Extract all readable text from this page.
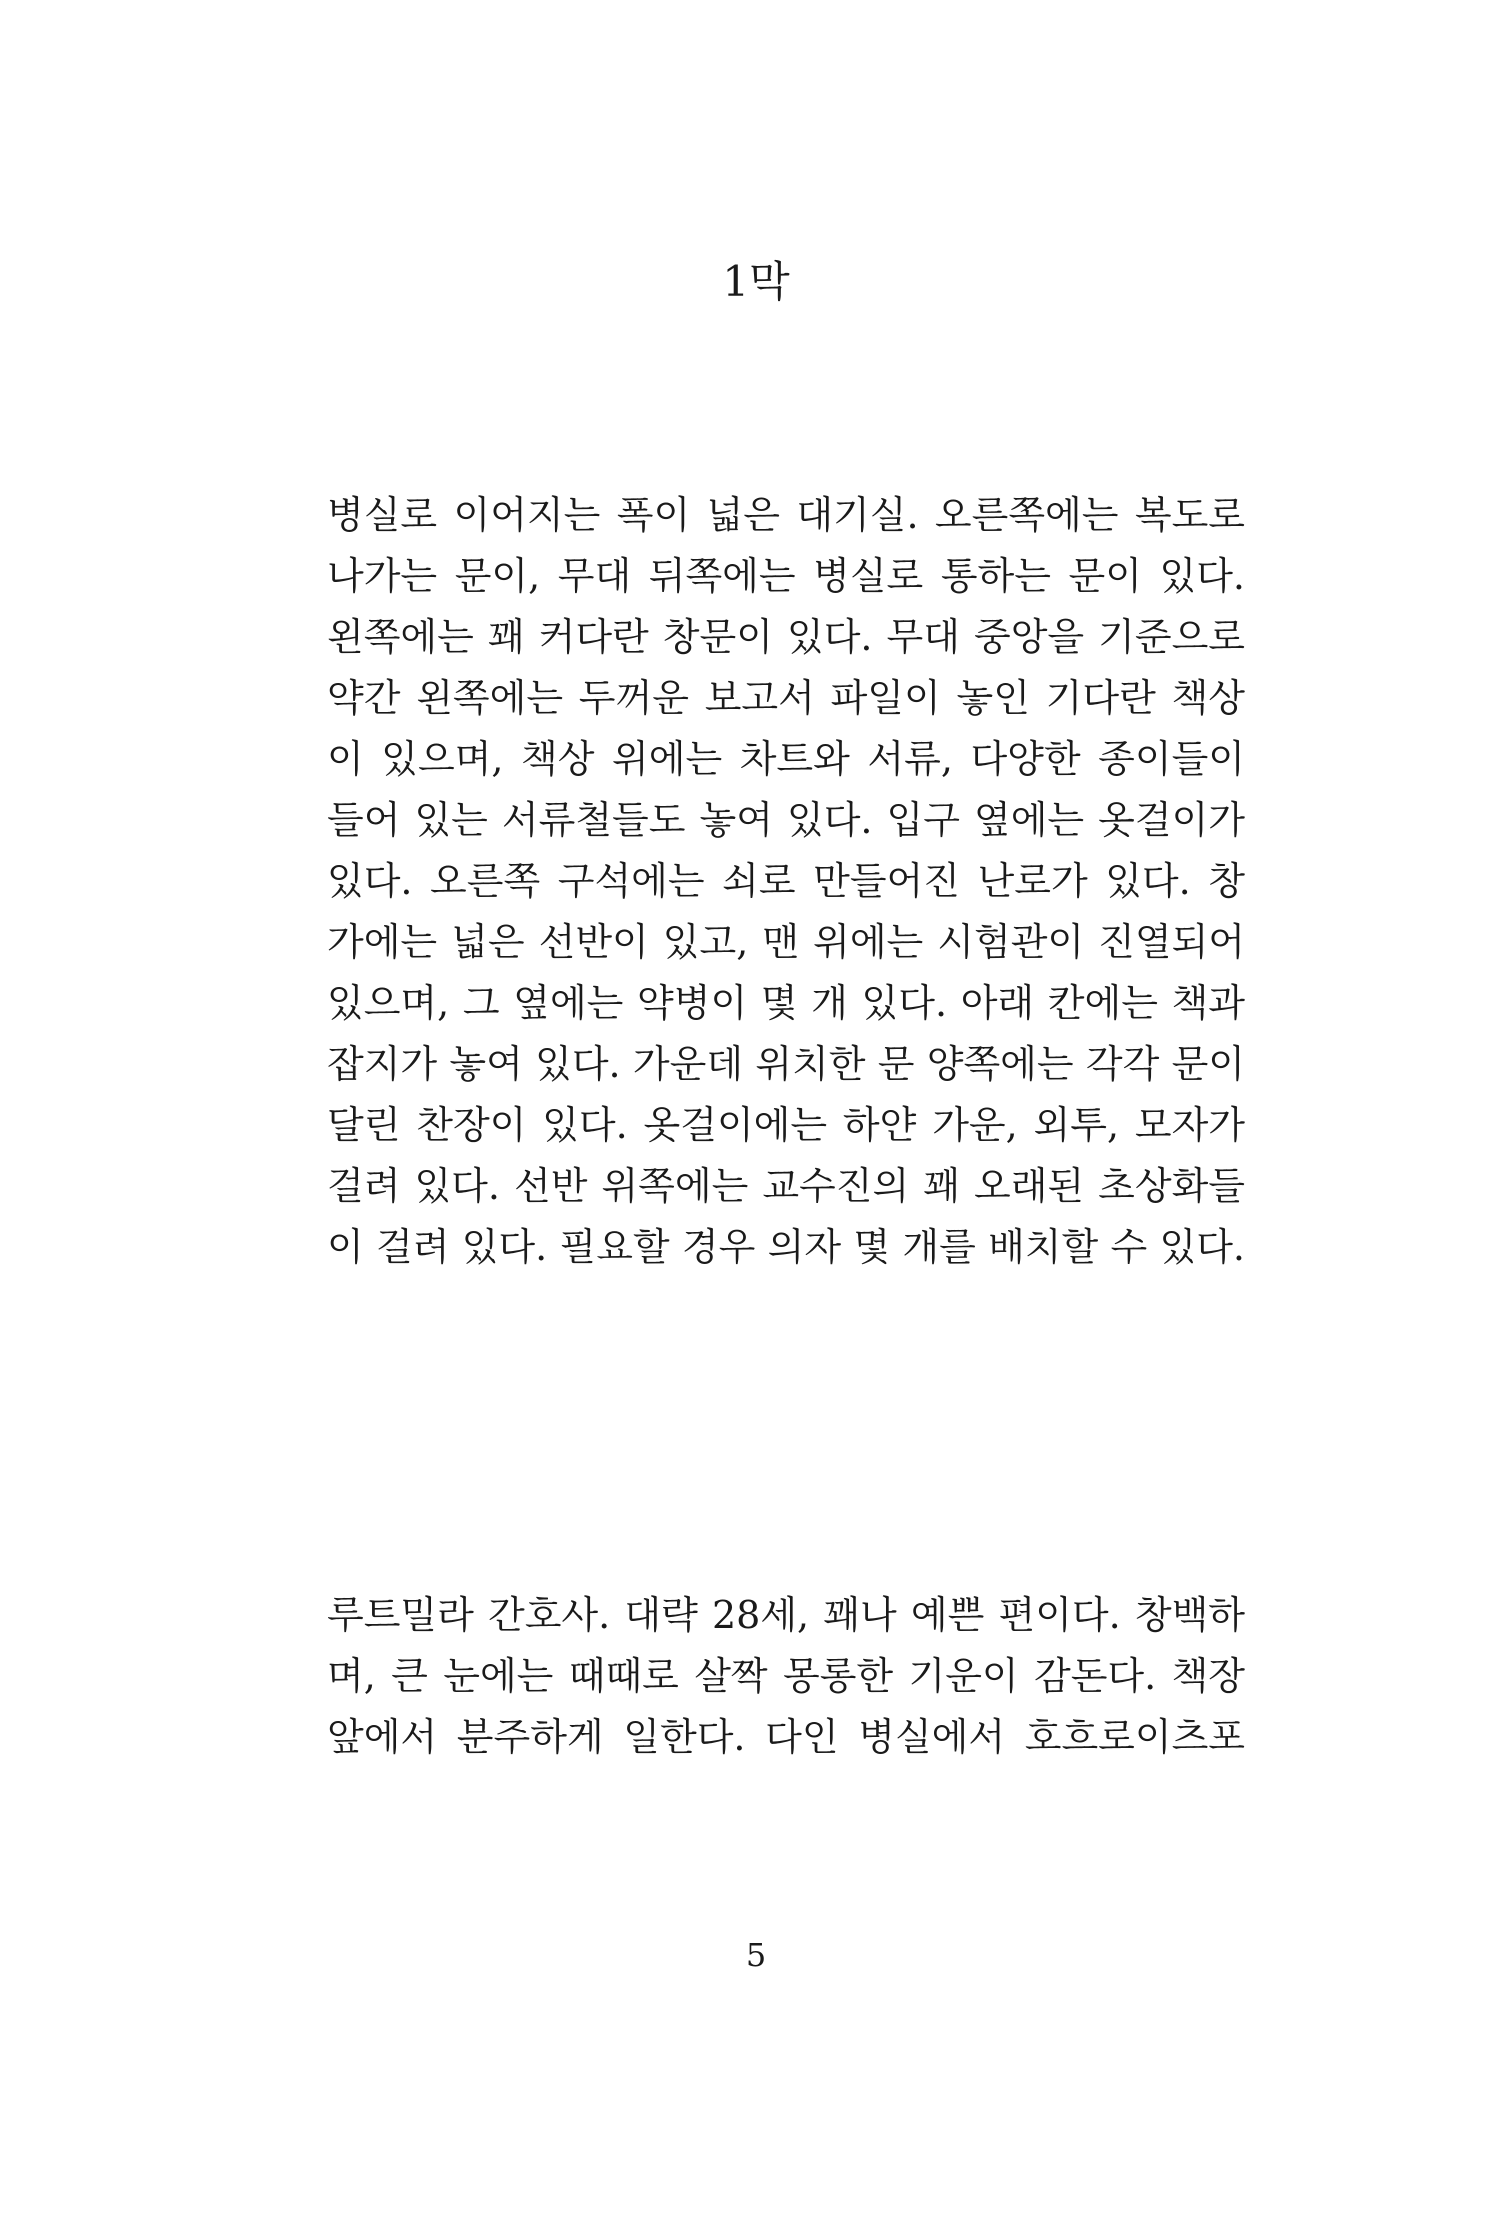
1막
병실로 이어지는 폭이 넓은 대기실. 오른쪽에는 복도로
나가는 문이, 무대 뒤쪽에는 병실로 통하는 문이 있다.
왼쪽에는 꽤 커다란 창문이 있다. 무대 중앙을 기준으로
약간 왼쪽에는 두꺼운 보고서 파일이 놓인 기다란 책상
이 있으며, 책상 위에는 차트와 서류, 다양한 종이들이
들어 있는 서류철들도 놓여 있다. 입구 옆에는 옷걸이가
있다. 오른쪽 구석에는 쇠로 만들어진 난로가 있다. 창
가에는 넓은 선반이 있고, 맨 위에는 시험관이 진열되어
있으며, 그 옆에는 약병이 몇 개 있다. 아래 칸에는 책과
잡지가 놓여 있다. 가운데 위치한 문 양쪽에는 각각 문이
달린 찬장이 있다. 옷걸이에는 하얀 가운, 외투, 모자가
걸려 있다. 선반 위쪽에는 교수진의 꽤 오래된 초상화들
이 걸려 있다. 필요할 경우 의자 몇 개를 배치할 수 있다.
루트밀라 간호사. 대략 28세, 꽤나 예쁜 편이다. 창백하
며, 큰 눈에는 때때로 살짝 몽롱한 기운이 감돈다. 책장
앞에서 분주하게 일한다. 다인 병실에서 호흐로이츠포
5
